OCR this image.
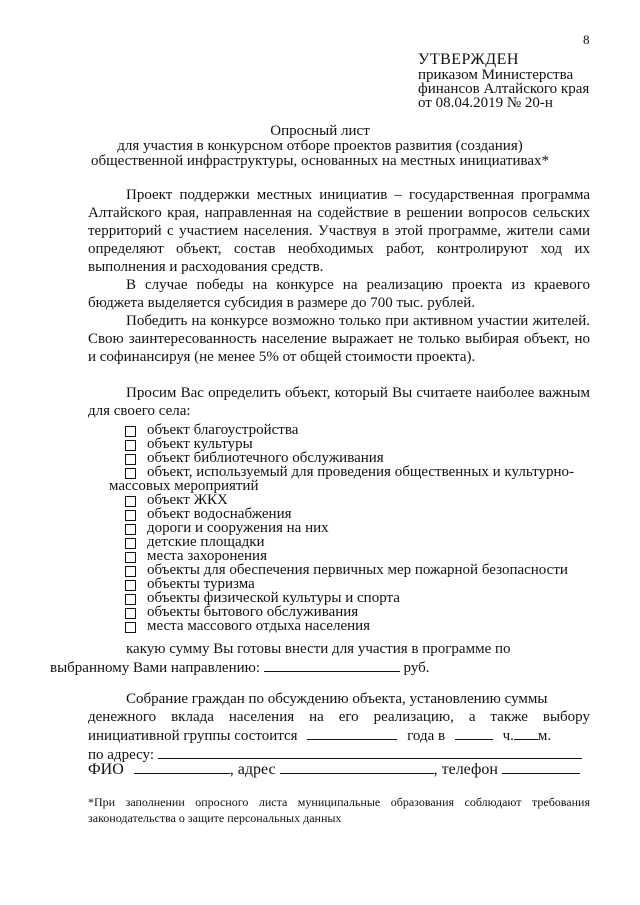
8
УТВЕРЖДЕН
приказом Министерства
финансов Алтайского края
от 08.04.2019 № 20-н
Опросный лист
для участия в конкурсном отборе проектов развития (создания)
общественной инфраструктуры, основанных на местных инициативах*
Проект поддержки местных инициатив – государственная программа Алтайского края, направленная на содействие в решении вопросов сельских территорий с участием населения. Участвуя в этой программе, жители сами определяют объект, состав необходимых работ, контролируют ход их выполнения и расходования средств.
В случае победы на конкурсе на реализацию проекта из краевого бюджета выделяется субсидия в размере до 700 тыс. рублей.
Победить на конкурсе возможно только при активном участии жителей. Свою заинтересованность население выражает не только выбирая объект, но и софинансируя (не менее 5% от общей стоимости проекта).
Просим Вас определить объект, который Вы считаете наиболее важным для своего села:
объект благоустройства
объект культуры
объект библиотечного обслуживания
объект, используемый для проведения общественных и культурно-
массовых мероприятий
объект ЖКХ
объект водоснабжения
дороги и сооружения на них
детские площадки
места захоронения
объекты для обеспечения первичных мер пожарной безопасности
объекты туризма
объекты физической культуры и спорта
объекты бытового обслуживания
места массового отдыха населения
какую сумму Вы готовы внести для участия в программе по
выбранному Вами направлению:	руб.
Собрание граждан по обсуждению объекта, установлению суммы
денежного вклада населения на его реализацию, а также выбору
инициативной группы состоится	года в	ч. м.
по адресу:
ФИО	, адрес	, телефон
*При заполнении опросного листа муниципальные образования соблюдают требования законодательства о защите персональных данных
